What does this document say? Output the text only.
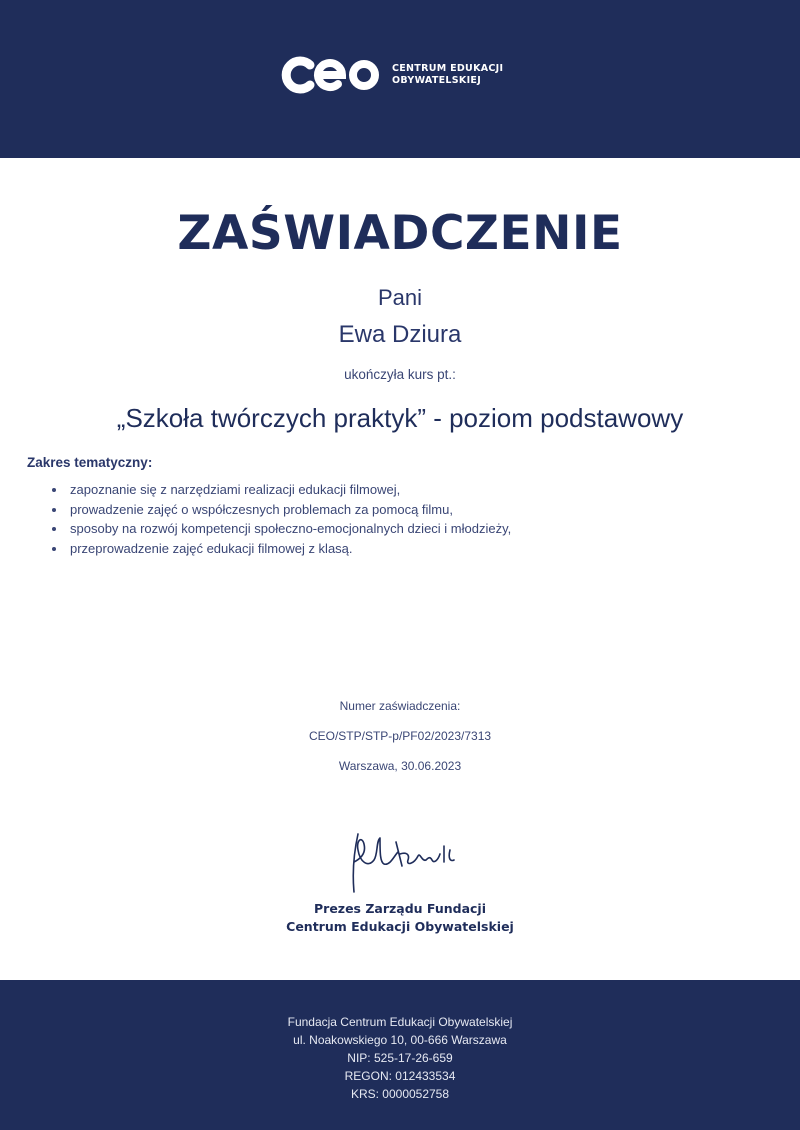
CENTRUM EDUKACJI
OBYWATELSKIEJ
ZAŚWIADCZENIE
Pani
Ewa Dziura
ukończyła kurs pt.:
„Szkoła twórczych praktyk” - poziom podstawowy
Zakres tematyczny:
zapoznanie się z narzędziami realizacji edukacji filmowej,
prowadzenie zajęć o współczesnych problemach za pomocą filmu,
sposoby na rozwój kompetencji społeczno-emocjonalnych dzieci i młodzieży,
przeprowadzenie zajęć edukacji filmowej z klasą.
Numer zaświadczenia:
CEO/STP/STP-p/PF02/2023/7313
Warszawa, 30.06.2023
Prezes Zarządu Fundacji
Centrum Edukacji Obywatelskiej
Fundacja Centrum Edukacji Obywatelskiej
ul. Noakowskiego 10, 00-666 Warszawa
NIP: 525-17-26-659
REGON: 012433534
KRS: 0000052758
